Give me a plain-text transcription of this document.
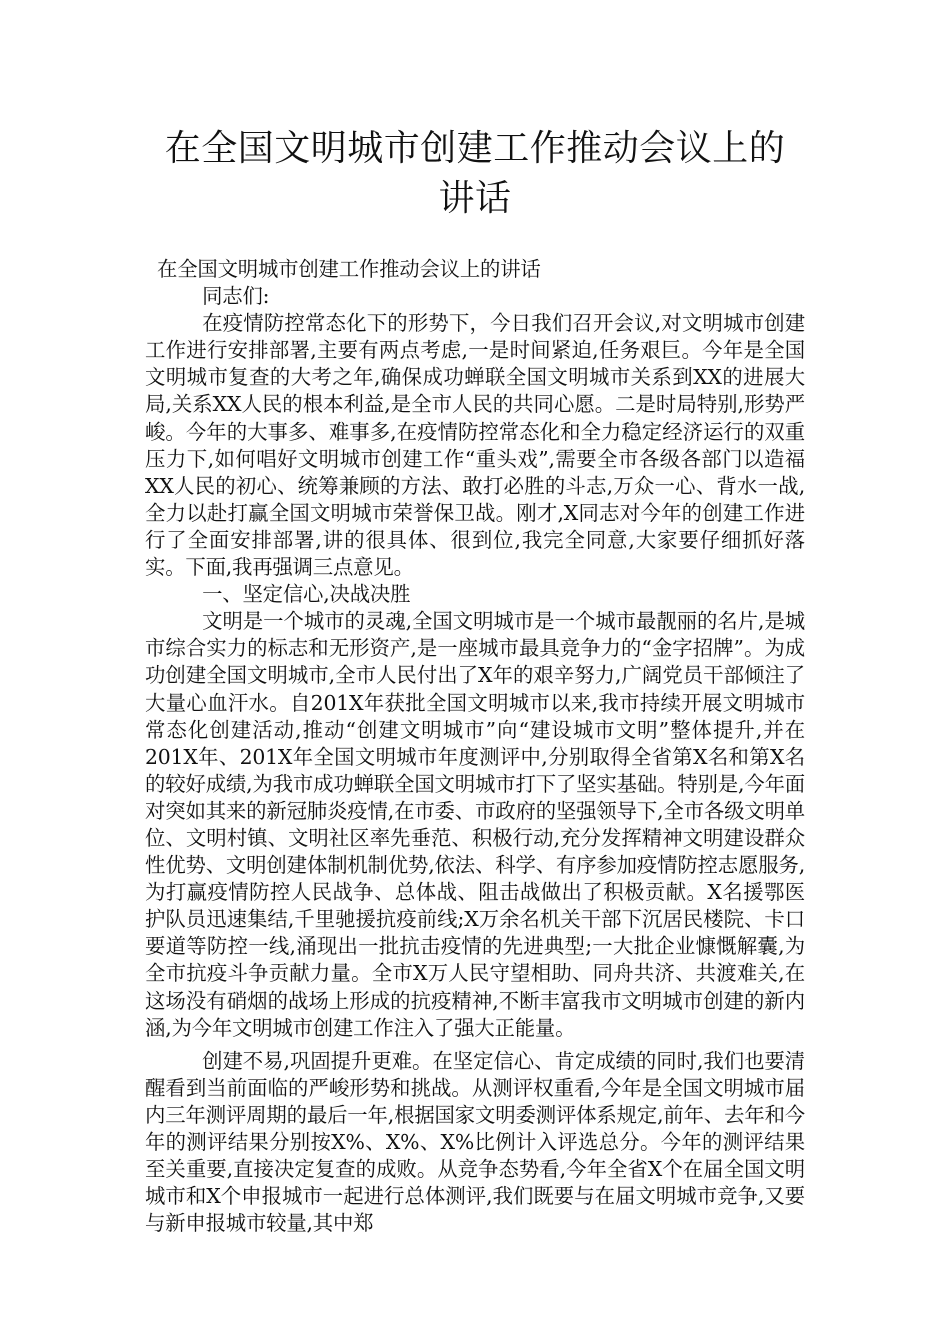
在全国文明城市创建工作推动会议上的讲话

在全国文明城市创建工作推动会议上的讲话

同志们:

在疫情防控常态化下的形势下，今日我们召开会议,对文明城市创建工作进行安排部署,主要有两点考虑,一是时间紧迫,任务艰巨。今年是全国文明城市复查的大考之年,确保成功蝉联全国文明城市关系到XX的进展大局,关系XX人民的根本利益,是全市人民的共同心愿。二是时局特别,形势严峻。今年的大事多、难事多,在疫情防控常态化和全力稳定经济运行的双重压力下,如何唱好文明城市创建工作“重头戏”,需要全市各级各部门以造福XX人民的初心、统筹兼顾的方法、敢打必胜的斗志,万众一心、背水一战,全力以赴打赢全国文明城市荣誉保卫战。刚才,X同志对今年的创建工作进行了全面安排部署,讲的很具体、很到位,我完全同意,大家要仔细抓好落实。下面,我再强调三点意见。

一、坚定信心,决战决胜

文明是一个城市的灵魂,全国文明城市是一个城市最靓丽的名片,是城市综合实力的标志和无形资产,是一座城市最具竞争力的“金字招牌”。为成功创建全国文明城市,全市人民付出了X年的艰辛努力,广阔党员干部倾注了大量心血汗水。自201X年获批全国文明城市以来,我市持续开展文明城市常态化创建活动,推动“创建文明城市”向“建设城市文明”整体提升,并在201X年、201X年全国文明城市年度测评中,分别取得全省第X名和第X名的较好成绩,为我市成功蝉联全国文明城市打下了坚实基础。特别是,今年面对突如其来的新冠肺炎疫情,在市委、市政府的坚强领导下,全市各级文明单位、文明村镇、文明社区率先垂范、积极行动,充分发挥精神文明建设群众性优势、文明创建体制机制优势,依法、科学、有序参加疫情防控志愿服务,为打赢疫情防控人民战争、总体战、阻击战做出了积极贡献。X名援鄂医护队员迅速集结,千里驰援抗疫前线;X万余名机关干部下沉居民楼院、卡口要道等防控一线,涌现出一批抗击疫情的先进典型;一大批企业慷慨解囊,为全市抗疫斗争贡献力量。全市X万人民守望相助、同舟共济、共渡难关,在这场没有硝烟的战场上形成的抗疫精神,不断丰富我市文明城市创建的新内涵,为今年文明城市创建工作注入了强大正能量。

创建不易,巩固提升更难。在坚定信心、肯定成绩的同时,我们也要清醒看到当前面临的严峻形势和挑战。从测评权重看,今年是全国文明城市届内三年测评周期的最后一年,根据国家文明委测评体系规定,前年、去年和今年的测评结果分别按X%、X%、X%比例计入评选总分。今年的测评结果至关重要,直接决定复查的成败。从竞争态势看,今年全省X个在届全国文明城市和X个申报城市一起进行总体测评,我们既要与在届文明城市竞争,又要与新申报城市较量,其中郑
